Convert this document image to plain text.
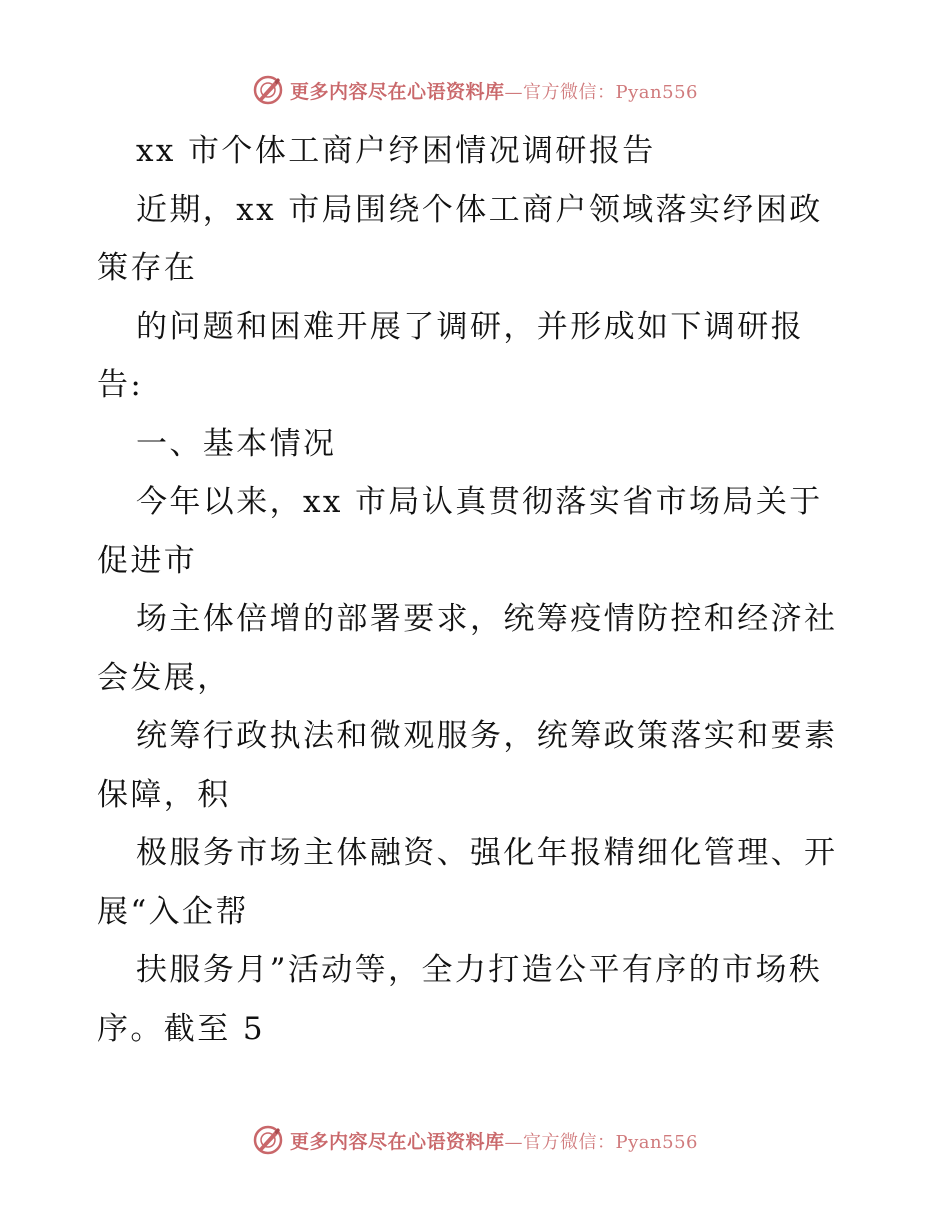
更多内容尽在心语资料库—官方微信：Pyan556
xx 市个体工商户纾困情况调研报告
近期，xx 市局围绕个体工商户领域落实纾困政
策存在
的问题和困难开展了调研，并形成如下调研报
告:
一、基本情况
今年以来，xx 市局认真贯彻落实省市场局关于
促进市
场主体倍增的部署要求，统筹疫情防控和经济社
会发展，
统筹行政执法和微观服务，统筹政策落实和要素
保障，积
极服务市场主体融资、强化年报精细化管理、开
展“入企帮
扶服务月”活动等，全力打造公平有序的市场秩
序。截至 5
更多内容尽在心语资料库—官方微信：Pyan556
